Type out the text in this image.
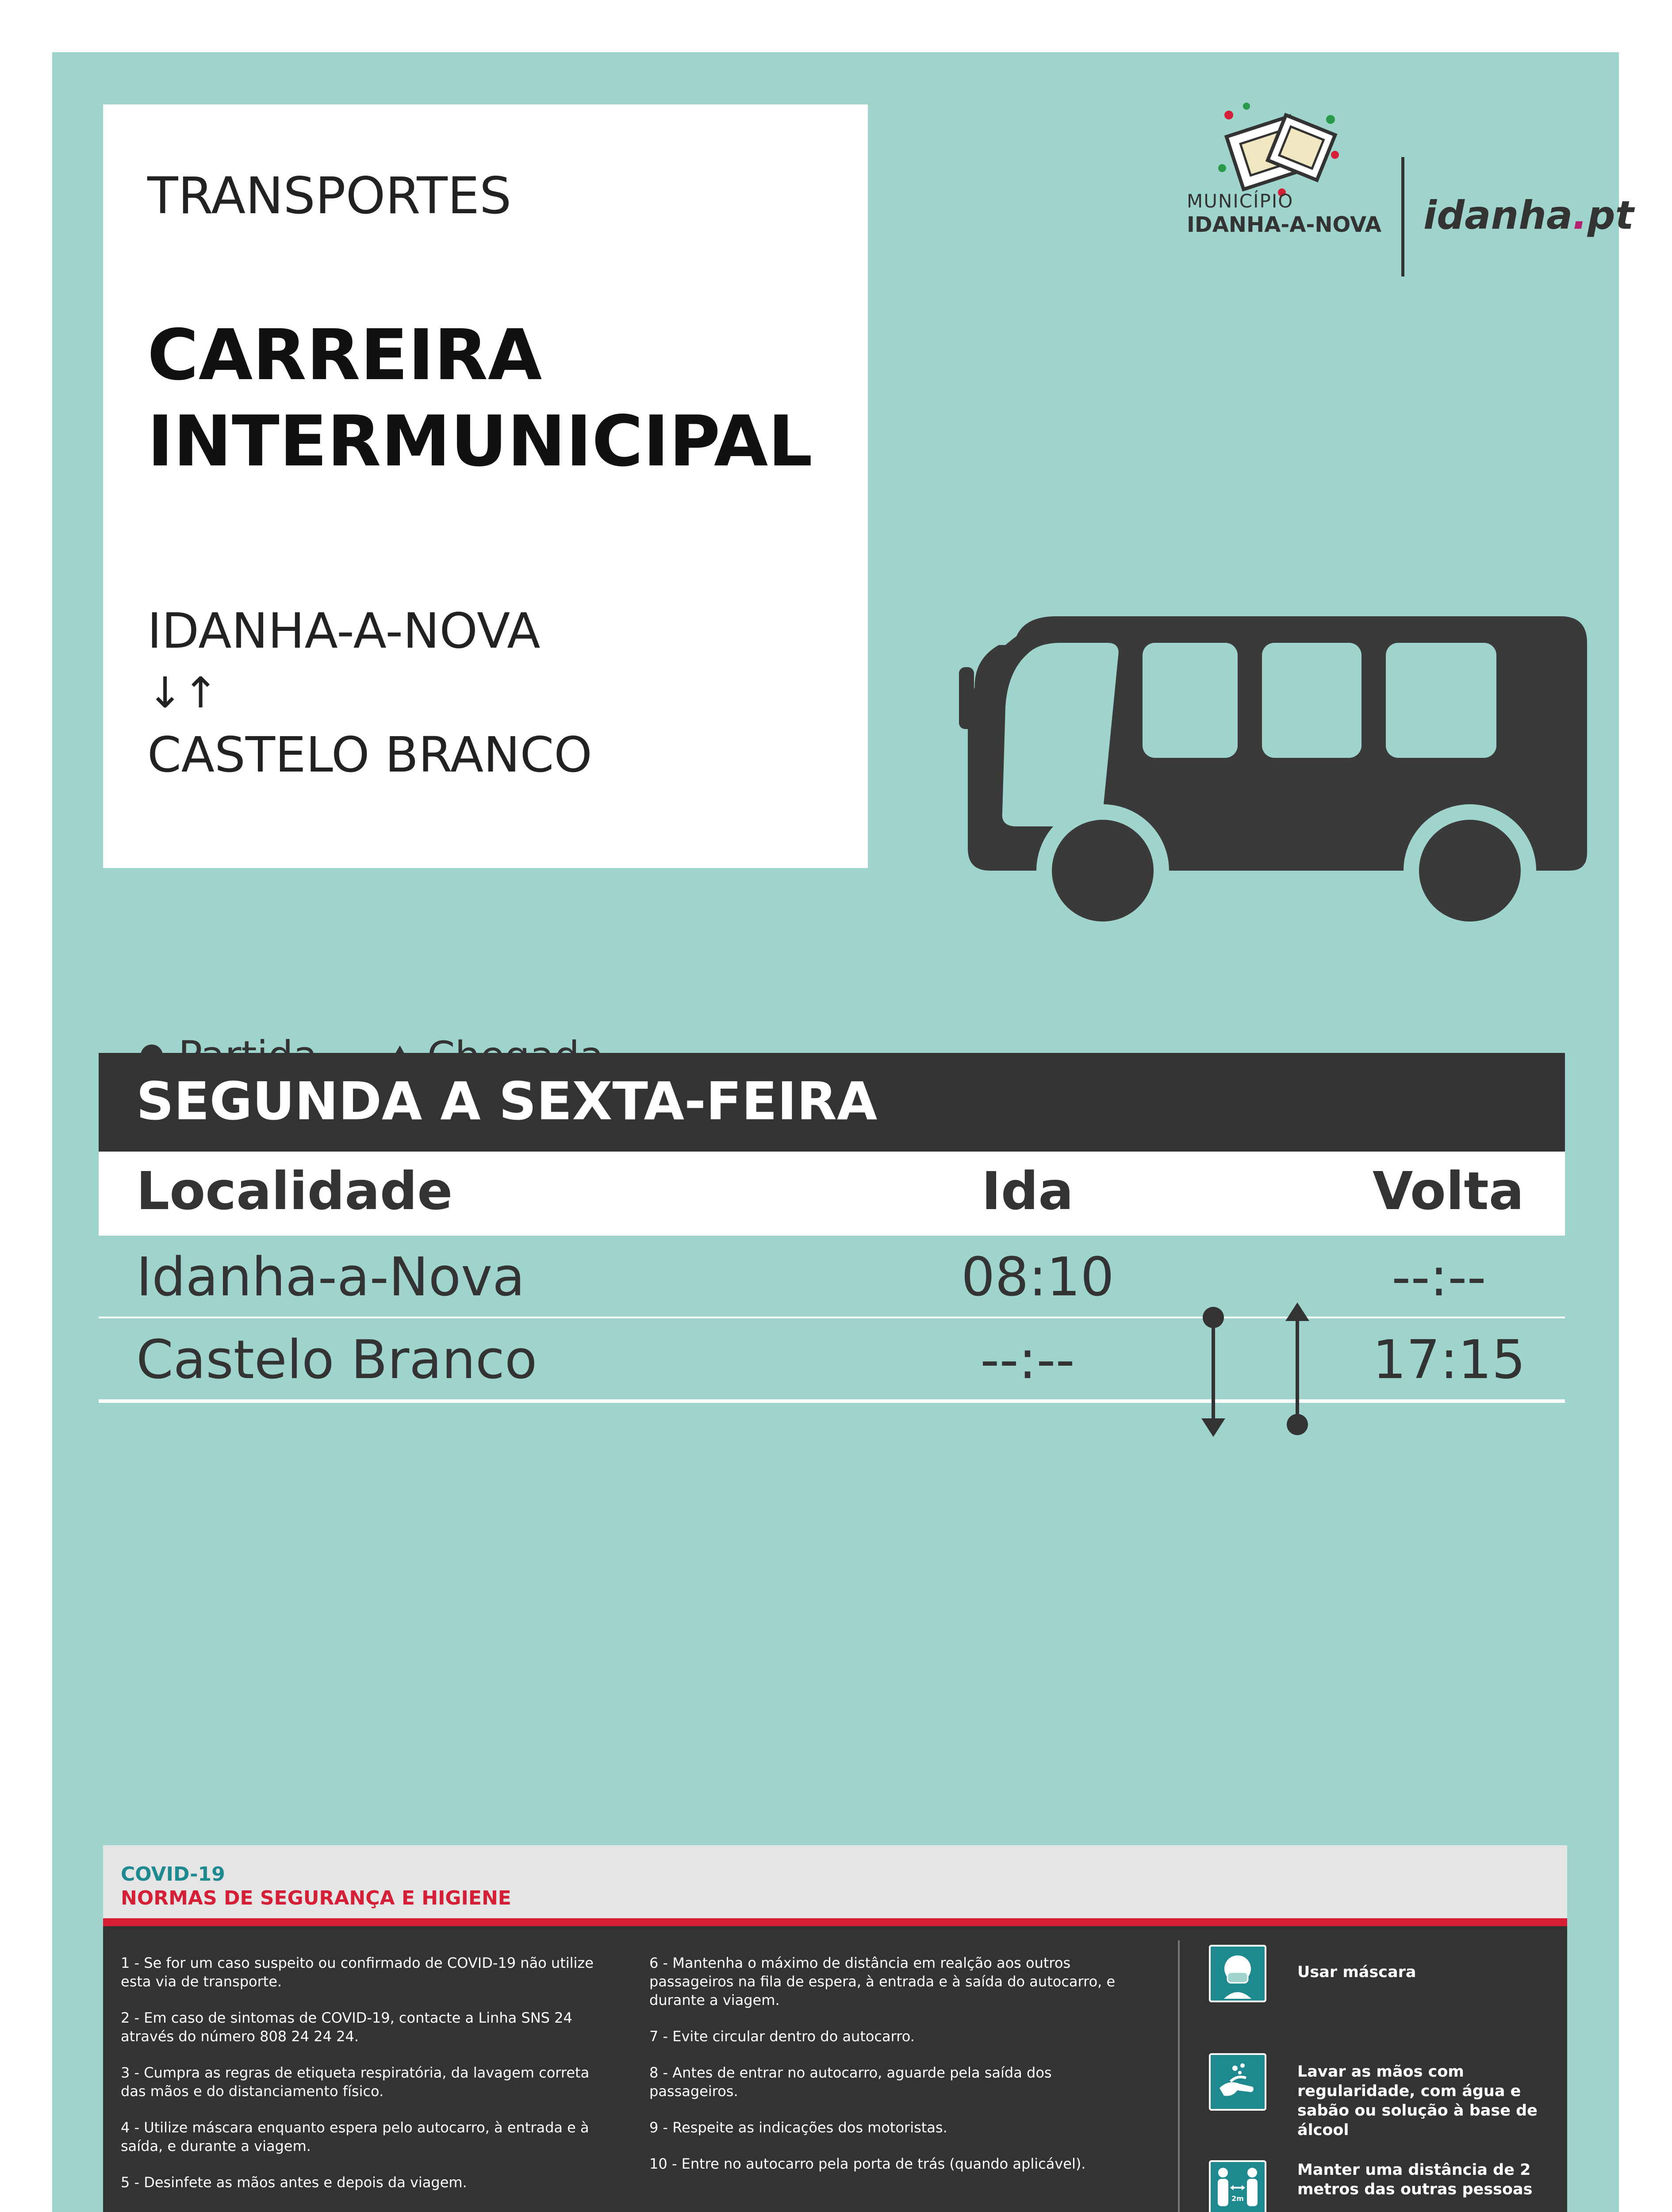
TRANSPORTES
CARREIRA
INTERMUNICIPAL
IDANHA-A-NOVA
↓↑
CASTELO BRANCO
MUNICÍPIO
IDANHA-A-NOVA idanha.pt

SEGUNDA A SEXTA-FEIRA
Localidade	Ida	Volta
Idanha-a-Nova	08:10	--:--
Castelo Branco	--:--	17:15
COVID-19
NORMAS DE SEGURANÇA E HIGIENE

1 - Se for um caso suspeito ou confirmado de COVID-19 não utilize esta via de transporte.

2 - Em caso de sintomas de COVID-19, contacte a Linha SNS 24 através do número 808 24 24 24.

3 - Cumpra as regras de etiqueta respiratória, da lavagem correta das mãos e do distanciamento físico.

4 - Utilize máscara enquanto espera pelo autocarro, à entrada e à saída, e durante a viagem.

5 - Desinfete as mãos antes e depois da viagem.

6 - Mantenha o máximo de distância em realção aos outros passageiros na fila de espera, à entrada e à saída do autocarro, e durante a viagem.

7 - Evite circular dentro do autocarro.

8 - Antes de entrar no autocarro, aguarde pela saída dos passageiros.

9 - Respeite as indicações dos motoristas.

10 - Entre no autocarro pela porta de trás (quando aplicável).

Usar máscara
Lavar as mãos com regularidade, com água e sabão ou solução à base de álcool
2m
Manter uma distância de 2 metros das outras pessoas
